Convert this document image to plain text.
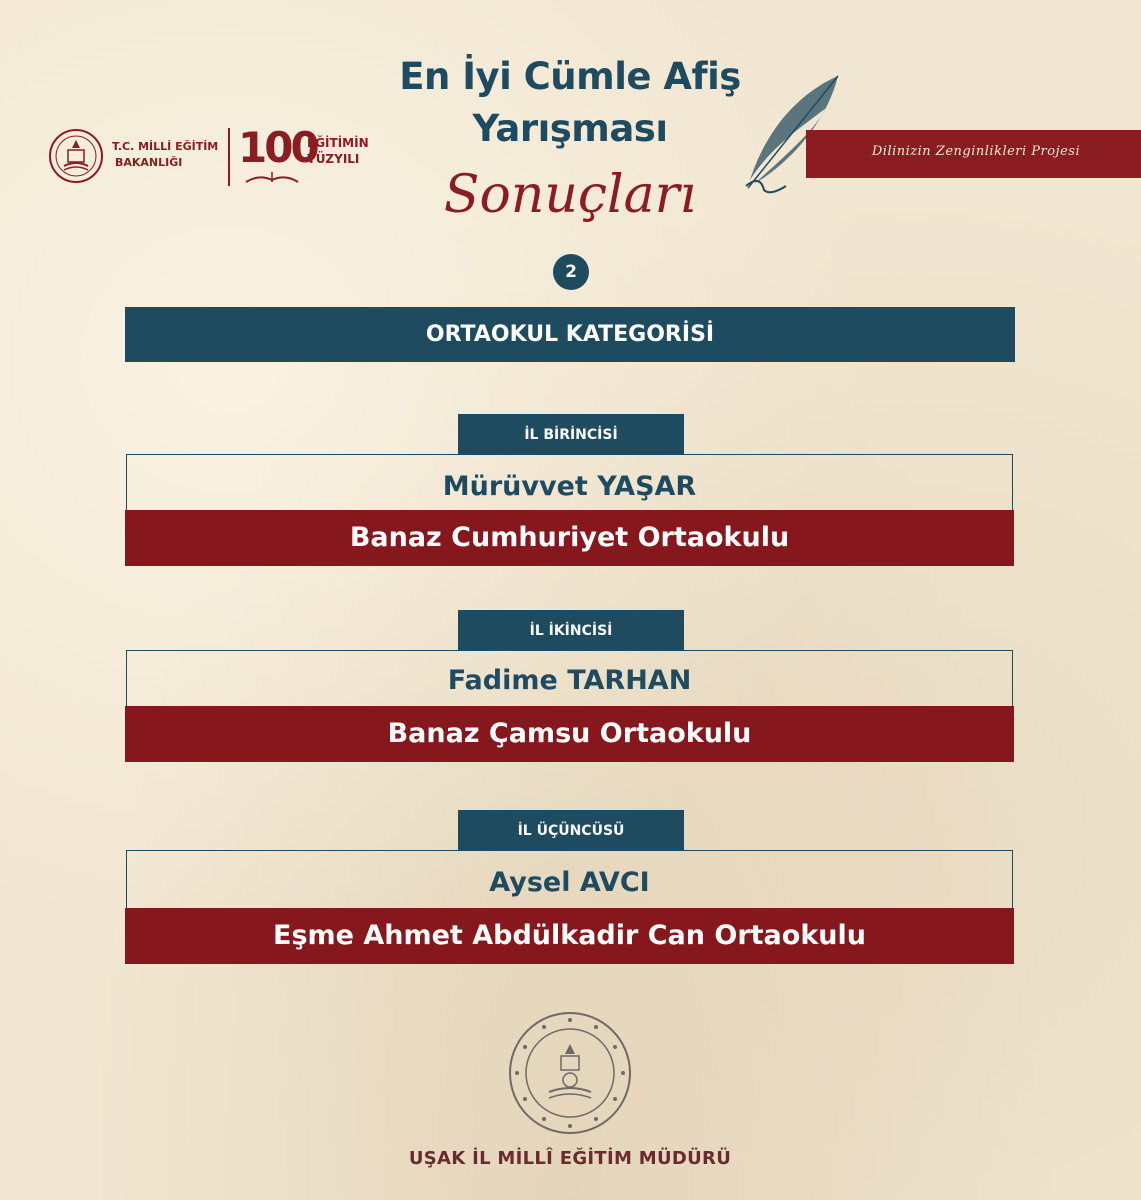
T.C. MİLLİ EĞİTİM
BAKANLIĞI	100
EĞİTİMİN
YÜZYILI
En İyi Cümle Afiş
Yarışması
Sonuçları
2
Dilinizin Zenginlikleri Projesi
ORTAOKUL KATEGORİSİ
İL BİRİNCİSİ
Mürüvvet YAŞAR
Banaz Cumhuriyet Ortaokulu
İL İKİNCİSİ
Fadime TARHAN
Banaz Çamsu Ortaokulu
İL ÜÇÜNCÜSÜ
Aysel AVCI
Eşme Ahmet Abdülkadir Can Ortaokulu
UŞAK İL MİLLÎ EĞİTİM MÜDÜRÜ
